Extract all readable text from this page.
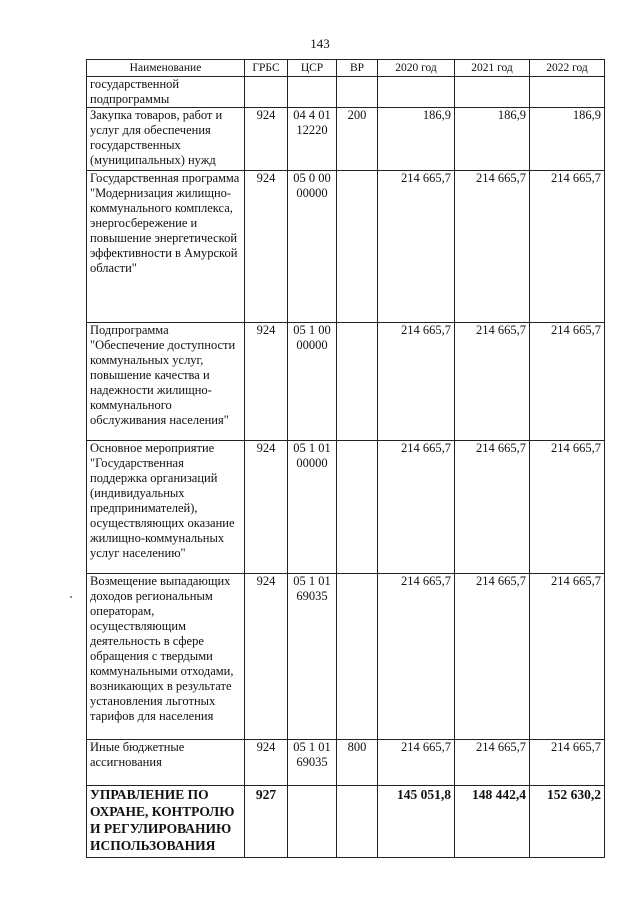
143
Наименование	ГРБС	ЦСР	ВР	2020 год	2021 год	2022 год
государственной подпрограммы						
Закупка товаров, работ и услуг для обеспечения государственных (муниципальных) нужд	924	04 4 01 12220	200	186,9	186,9	186,9
Государственная программа "Модернизация жилищно-коммунального комплекса, энергосбережение и повышение энергетической эффективности в Амурской области"	924	05 0 00 00000		214 665,7	214 665,7	214 665,7
Подпрограмма "Обеспечение доступности коммунальных услуг, повышение качества и надежности жилищно-коммунального обслуживания населения"	924	05 1 00 00000		214 665,7	214 665,7	214 665,7
Основное мероприятие "Государственная поддержка организаций (индивидуальных предпринимателей), осуществляющих оказание жилищно-коммунальных услуг населению"	924	05 1 01 00000		214 665,7	214 665,7	214 665,7
Возмещение выпадающих доходов региональным операторам, осуществляющим деятельность в сфере обращения с твердыми коммунальными отходами, возникающих в результате установления льготных тарифов для населения	924	05 1 01 69035		214 665,7	214 665,7	214 665,7
Иные бюджетные ассигнования	924	05 1 01 69035	800	214 665,7	214 665,7	214 665,7
УПРАВЛЕНИЕ ПО ОХРАНЕ, КОНТРОЛЮ И РЕГУЛИРОВАНИЮ ИСПОЛЬЗОВАНИЯ	927			145 051,8	148 442,4	152 630,2
